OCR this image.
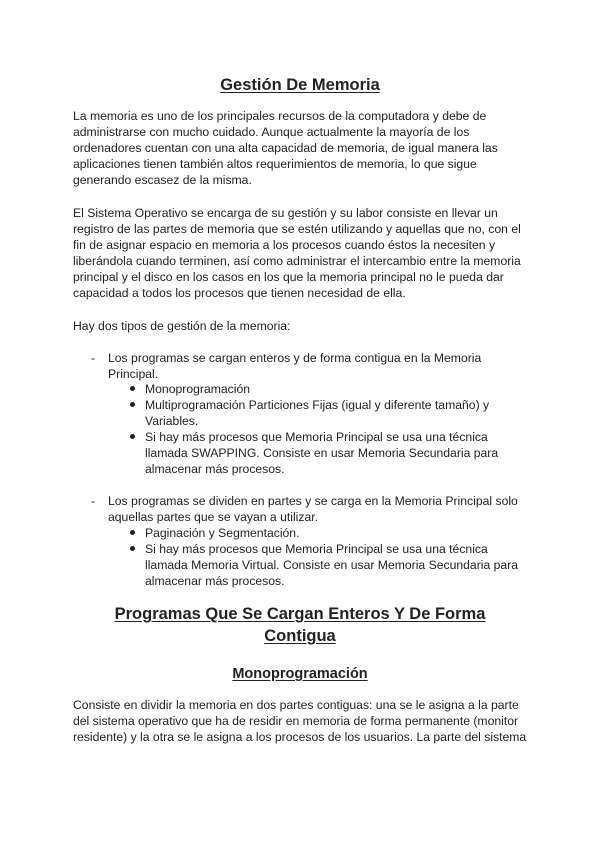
Gestión De Memoria
La memoria es uno de los principales recursos de la computadora y debe de
administrarse con mucho cuidado. Aunque actualmente la mayoría de los
ordenadores cuentan con una alta capacidad de memoria, de igual manera las
aplicaciones tienen también altos requerimientos de memoria, lo que sigue
generando escasez de la misma.
El Sistema Operativo se encarga de su gestión y su labor consiste en llevar un
registro de las partes de memoria que se estén utilizando y aquellas que no, con el
fin de asignar espacio en memoria a los procesos cuando éstos la necesiten y
liberándola cuando terminen, así como administrar el intercambio entre la memoria
principal y el disco en los casos en los que la memoria principal no le pueda dar
capacidad a todos los procesos que tienen necesidad de ella.
Hay dos tipos de gestión de la memoria:
- Los programas se cargan enteros y de forma contigua en la Memoria
Principal.
Monoprogramación
Multiprogramación Particiones Fijas (igual y diferente tamaño) y
Variables.
Si hay más procesos que Memoria Principal se usa una técnica
llamada SWAPPING. Consiste en usar Memoria Secundaria para
almacenar más procesos.
- Los programas se dividen en partes y se carga en la Memoria Principal solo
aquellas partes que se vayan a utilizar.
Paginación y Segmentación.
Si hay más procesos que Memoria Principal se usa una técnica
llamada Memoria Virtual. Consiste en usar Memoria Secundaria para
almacenar más procesos.
Programas Que Se Cargan Enteros Y De Forma
Contigua
Monoprogramación
Consiste en dividir la memoria en dos partes contiguas: una se le asigna a la parte
del sistema operativo que ha de residir en memoria de forma permanente (monitor
residente) y la otra se le asigna a los procesos de los usuarios. La parte del sistema
